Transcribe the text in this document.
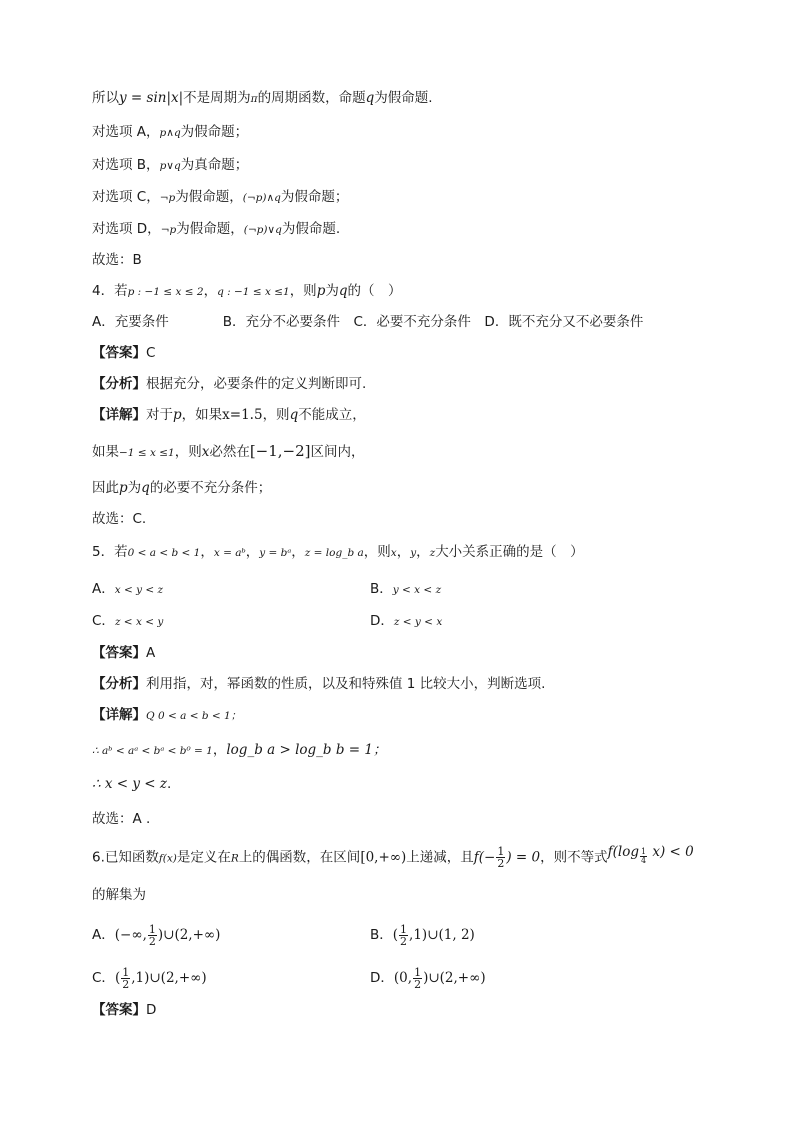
所以y = sin|x|不是周期为π的周期函数，命题q为假命题.
对选项 A，p∧q为假命题；
对选项 B，p∨q为真命题；
对选项 C，¬p为假命题，(¬p)∧q为假命题；
对选项 D，¬p为假命题，(¬p)∨q为假命题.
故选：B
4．若p : −1 ≤ x ≤ 2，q : −1 ≤ x ≤1，则p为q的（　）
A．充要条件　　　　B．充分不必要条件　C．必要不充分条件　D．既不充分又不必要条件
【答案】C
【分析】根据充分，必要条件的定义判断即可.
【详解】对于p，如果x=1.5，则q不能成立，
如果−1 ≤ x ≤1，则x必然在[−1,−2]区间内，
因此p为q的必要不充分条件；
故选：C.
5．若0 < a < b < 1，x = aᵇ，y = bᵃ，z = log_b a，则x，y，z大小关系正确的是（　）
A．x < y < z	B．y < x < z
C．z < x < y	D．z < y < x
【答案】A
【分析】利用指，对，幂函数的性质，以及和特殊值 1 比较大小，判断选项.
【详解】Q 0 < a < b < 1；
∴ aᵇ < aᵃ < bᵃ < b⁰ = 1，log_b a > log_b b = 1；
∴ x < y < z.
故选：A .
6.已知函数f(x)是定义在R上的偶函数，在区间[0,+∞)上递减，且$f(- \frac{1}{2}$ ) = 0，则不等式$f(\log \frac{1}{4} x) < 0$
的解集为
A．(−∞, $\frac{1}{2}$ )∪(2,+∞)	B．( $\frac{1}{2}$ ,1)∪(1, 2)
C．( $\frac{1}{2}$ ,1)∪(2,+∞)	D．(0, $\frac{1}{2}$ )∪(2,+∞)
【答案】D
